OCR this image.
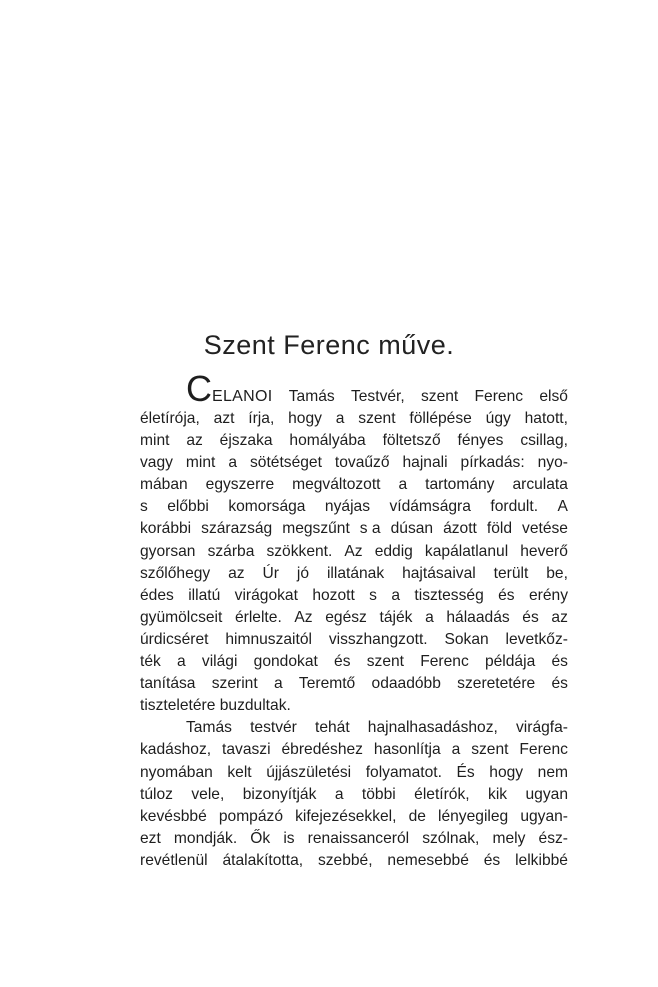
Szent Ferenc műve.
CELANOI Tamás Testvér, szent Ferenc első
életírója, azt írja, hogy a szent föllépése úgy hatott,
mint az éjszaka homályába föltetsző fényes csillag,
vagy mint a sötétséget tovaűző hajnali pírkadás: nyo-
mában egyszerre megváltozott a tartomány arculata
s előbbi komorsága nyájas vídámságra fordult. A
korábbi szárazság megszűnt s a dúsan ázott föld vetése
gyorsan szárba szökkent. Az eddig kapálatlanul heverő
szőlőhegy az Úr jó illatának hajtásaival terült be,
édes illatú virágokat hozott s a tisztesség és erény
gyümölcseit érlelte. Az egész tájék a hálaadás és az
úrdicséret himnuszaitól visszhangzott. Sokan levetkőz-
ték a világi gondokat és szent Ferenc példája és
tanítása szerint a Teremtő odaadóbb szeretetére és
tiszteletére buzdultak.
Tamás testvér tehát hajnalhasadáshoz, virágfa-
kadáshoz, tavaszi ébredéshez hasonlítja a szent Ferenc
nyomában kelt újjászületési folyamatot. És hogy nem
túloz vele, bizonyítják a többi életírók, kik ugyan
kevésbbé pompázó kifejezésekkel, de lényegileg ugyan-
ezt mondják. Ők is renaissanceról szólnak, mely ész-
revétlenül átalakította, szebbé, nemesebbé és lelkibbé
